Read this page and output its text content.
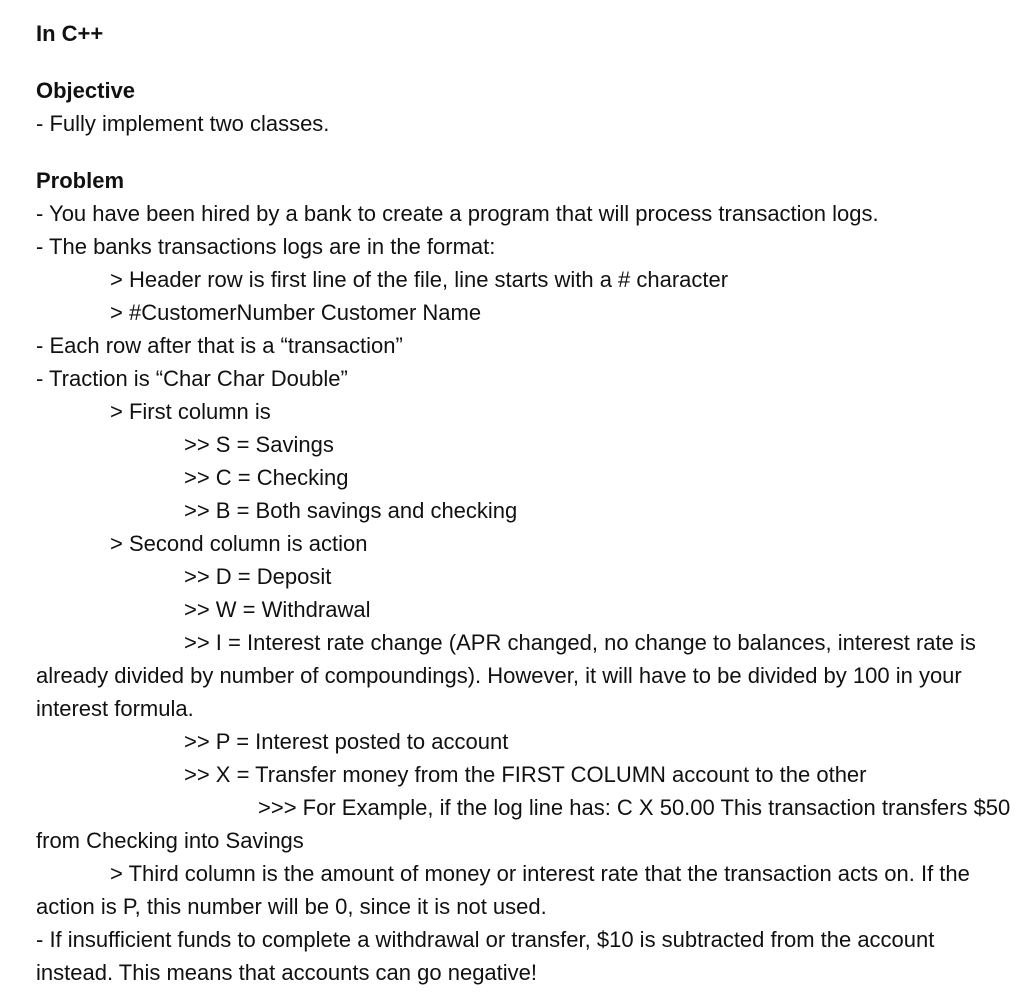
In C++

Objective

- Fully implement two classes.

Problem

- You have been hired by a bank to create a program that will process transaction logs.

- The banks transactions logs are in the format:

> Header row is first line of the file, line starts with a # character

> #CustomerNumber Customer Name

- Each row after that is a “transaction”

- Traction is “Char Char Double”

> First column is

>> S = Savings

>> C = Checking

>> B = Both savings and checking

> Second column is action

>> D = Deposit

>> W = Withdrawal

>> I = Interest rate change (APR changed, no change to balances, interest rate is already divided by number of compoundings). However, it will have to be divided by 100 in your interest formula.

>> P = Interest posted to account

>> X = Transfer money from the FIRST COLUMN account to the other

>>> For Example, if the log line has: C X 50.00 This transaction transfers $50 from Checking into Savings

> Third column is the amount of money or interest rate that the transaction acts on. If the action is P, this number will be 0, since it is not used.

- If insufficient funds to complete a withdrawal or transfer, $10 is subtracted from the account instead. This means that accounts can go negative!
